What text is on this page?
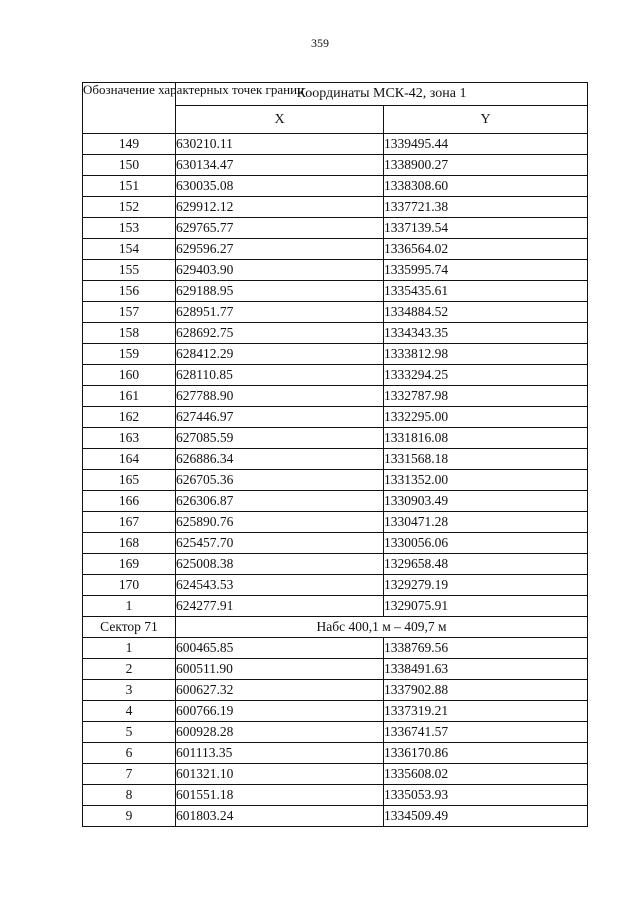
359
Обозначение характерных точек границ	Координаты МСК-42, зона 1	
	X	Y
149	630210.11	1339495.44
150	630134.47	1338900.27
151	630035.08	1338308.60
152	629912.12	1337721.38
153	629765.77	1337139.54
154	629596.27	1336564.02
155	629403.90	1335995.74
156	629188.95	1335435.61
157	628951.77	1334884.52
158	628692.75	1334343.35
159	628412.29	1333812.98
160	628110.85	1333294.25
161	627788.90	1332787.98
162	627446.97	1332295.00
163	627085.59	1331816.08
164	626886.34	1331568.18
165	626705.36	1331352.00
166	626306.87	1330903.49
167	625890.76	1330471.28
168	625457.70	1330056.06
169	625008.38	1329658.48
170	624543.53	1329279.19
1	624277.91	1329075.91
Сектор 71	Набс 400,1 м – 409,7 м	
1	600465.85	1338769.56
2	600511.90	1338491.63
3	600627.32	1337902.88
4	600766.19	1337319.21
5	600928.28	1336741.57
6	601113.35	1336170.86
7	601321.10	1335608.02
8	601551.18	1335053.93
9	601803.24	1334509.49
